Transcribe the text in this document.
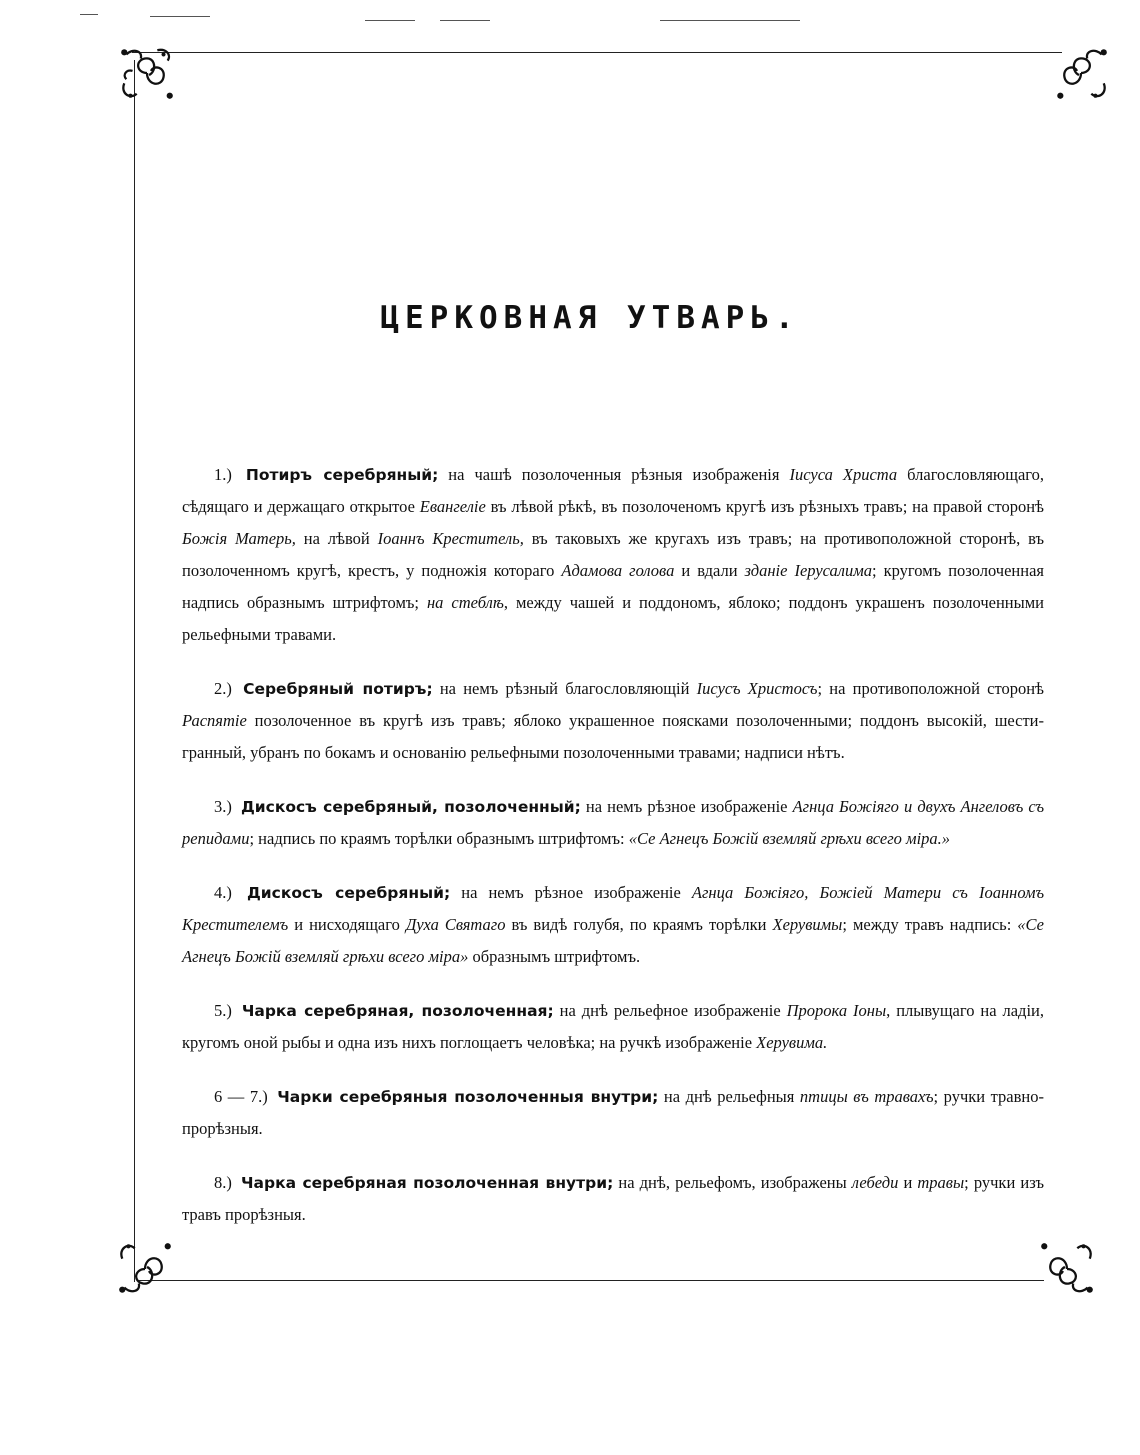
ЦЕРКОВНАЯ УТВАРЬ.

1.) Потиръ серебряный; на чашѣ позолоченныя рѣзныя изображенія Іисуса Христа благословляющаго, сѣдящаго и держащаго открытое Евангеліе въ лѣвой рѣкѣ, въ позолоченомъ кругѣ изъ рѣзныхъ травъ; на правой сторонѣ Божія Матерь, на лѣвой Іоаннъ Креститель, въ таковыхъ же кругахъ изъ травъ; на противоположной сторонѣ, въ позолоченномъ кругѣ, крестъ, у подножія котораго Адамова голова и вдали зданіе Іерусалима; кругомъ позолоченная надпись образнымъ штрифтомъ; на стеблѣ, между чашей и поддономъ, яблоко; поддонъ украшенъ позолоченными рельефными травами.

2.) Серебряный потиръ; на немъ рѣзный благословляющій Іисусъ Христосъ; на противоположной сторонѣ Распятіе позолоченное въ кругѣ изъ травъ; яблоко украшенное поясками позолоченными; поддонъ высокій, шести-гранный, убранъ по бокамъ и основанію рельефными позолоченными травами; надписи нѣтъ.

3.) Дискосъ серебряный, позолоченный; на немъ рѣзное изображеніе Агнца Божіяго и двухъ Ангеловъ съ репидами; надпись по краямъ торѣлки образнымъ штрифтомъ: «Се Агнецъ Божій вземляй грѣхи всего міра.»

4.) Дискосъ серебряный; на немъ рѣзное изображеніе Агнца Божіяго, Божіей Матери съ Іоанномъ Крестителемъ и нисходящаго Духа Святаго въ видѣ голубя, по краямъ торѣлки Херувимы; между травъ надпись: «Се Агнецъ Божій вземляй грѣхи всего міра» образнымъ штрифтомъ.

5.) Чарка серебряная, позолоченная; на днѣ рельефное изображеніе Пророка Іоны, плывущаго на ладіи, кругомъ оной рыбы и одна изъ нихъ поглощаетъ человѣка; на ручкѣ изображеніе Херувима.

6 — 7.) Чарки серебряныя позолоченныя внутри; на днѣ рельефныя птицы въ травахъ; ручки травно-прорѣзныя.

8.) Чарка серебряная позолоченная внутри; на днѣ, рельефомъ, изображены лебеди и травы; ручки изъ травъ прорѣзныя.
